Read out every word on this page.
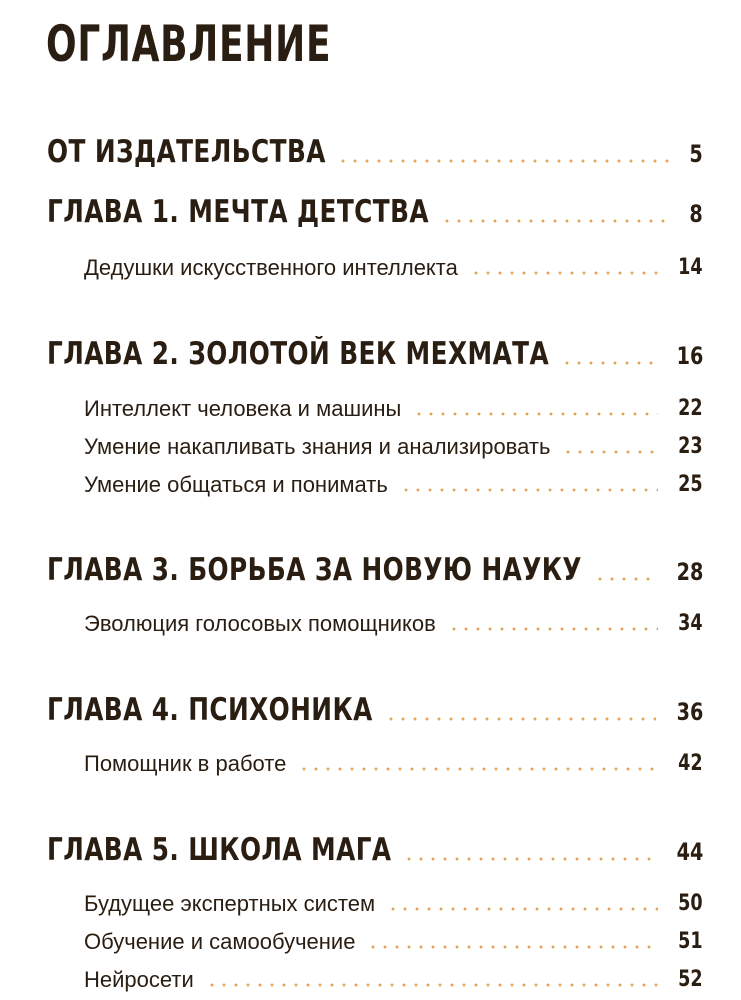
ОГЛАВЛЕНИЕ
ОТ ИЗДАТЕЛЬСТВА	5
ГЛАВА 1. МЕЧТА ДЕТСТВА	8
Дедушки искусственного интеллекта	14
ГЛАВА 2. ЗОЛОТОЙ ВЕК МЕХМАТА	16
Интеллект человека и машины	22
Умение накапливать знания и анализировать	23
Умение общаться и понимать	25
ГЛАВА 3. БОРЬБА ЗА НОВУЮ НАУКУ	28
Эволюция голосовых помощников	34
ГЛАВА 4. ПСИХОНИКА	36
Помощник в работе	42
ГЛАВА 5. ШКОЛА МАГА	44
Будущее экспертных систем	50
Обучение и самообучение	51
Нейросети	52
